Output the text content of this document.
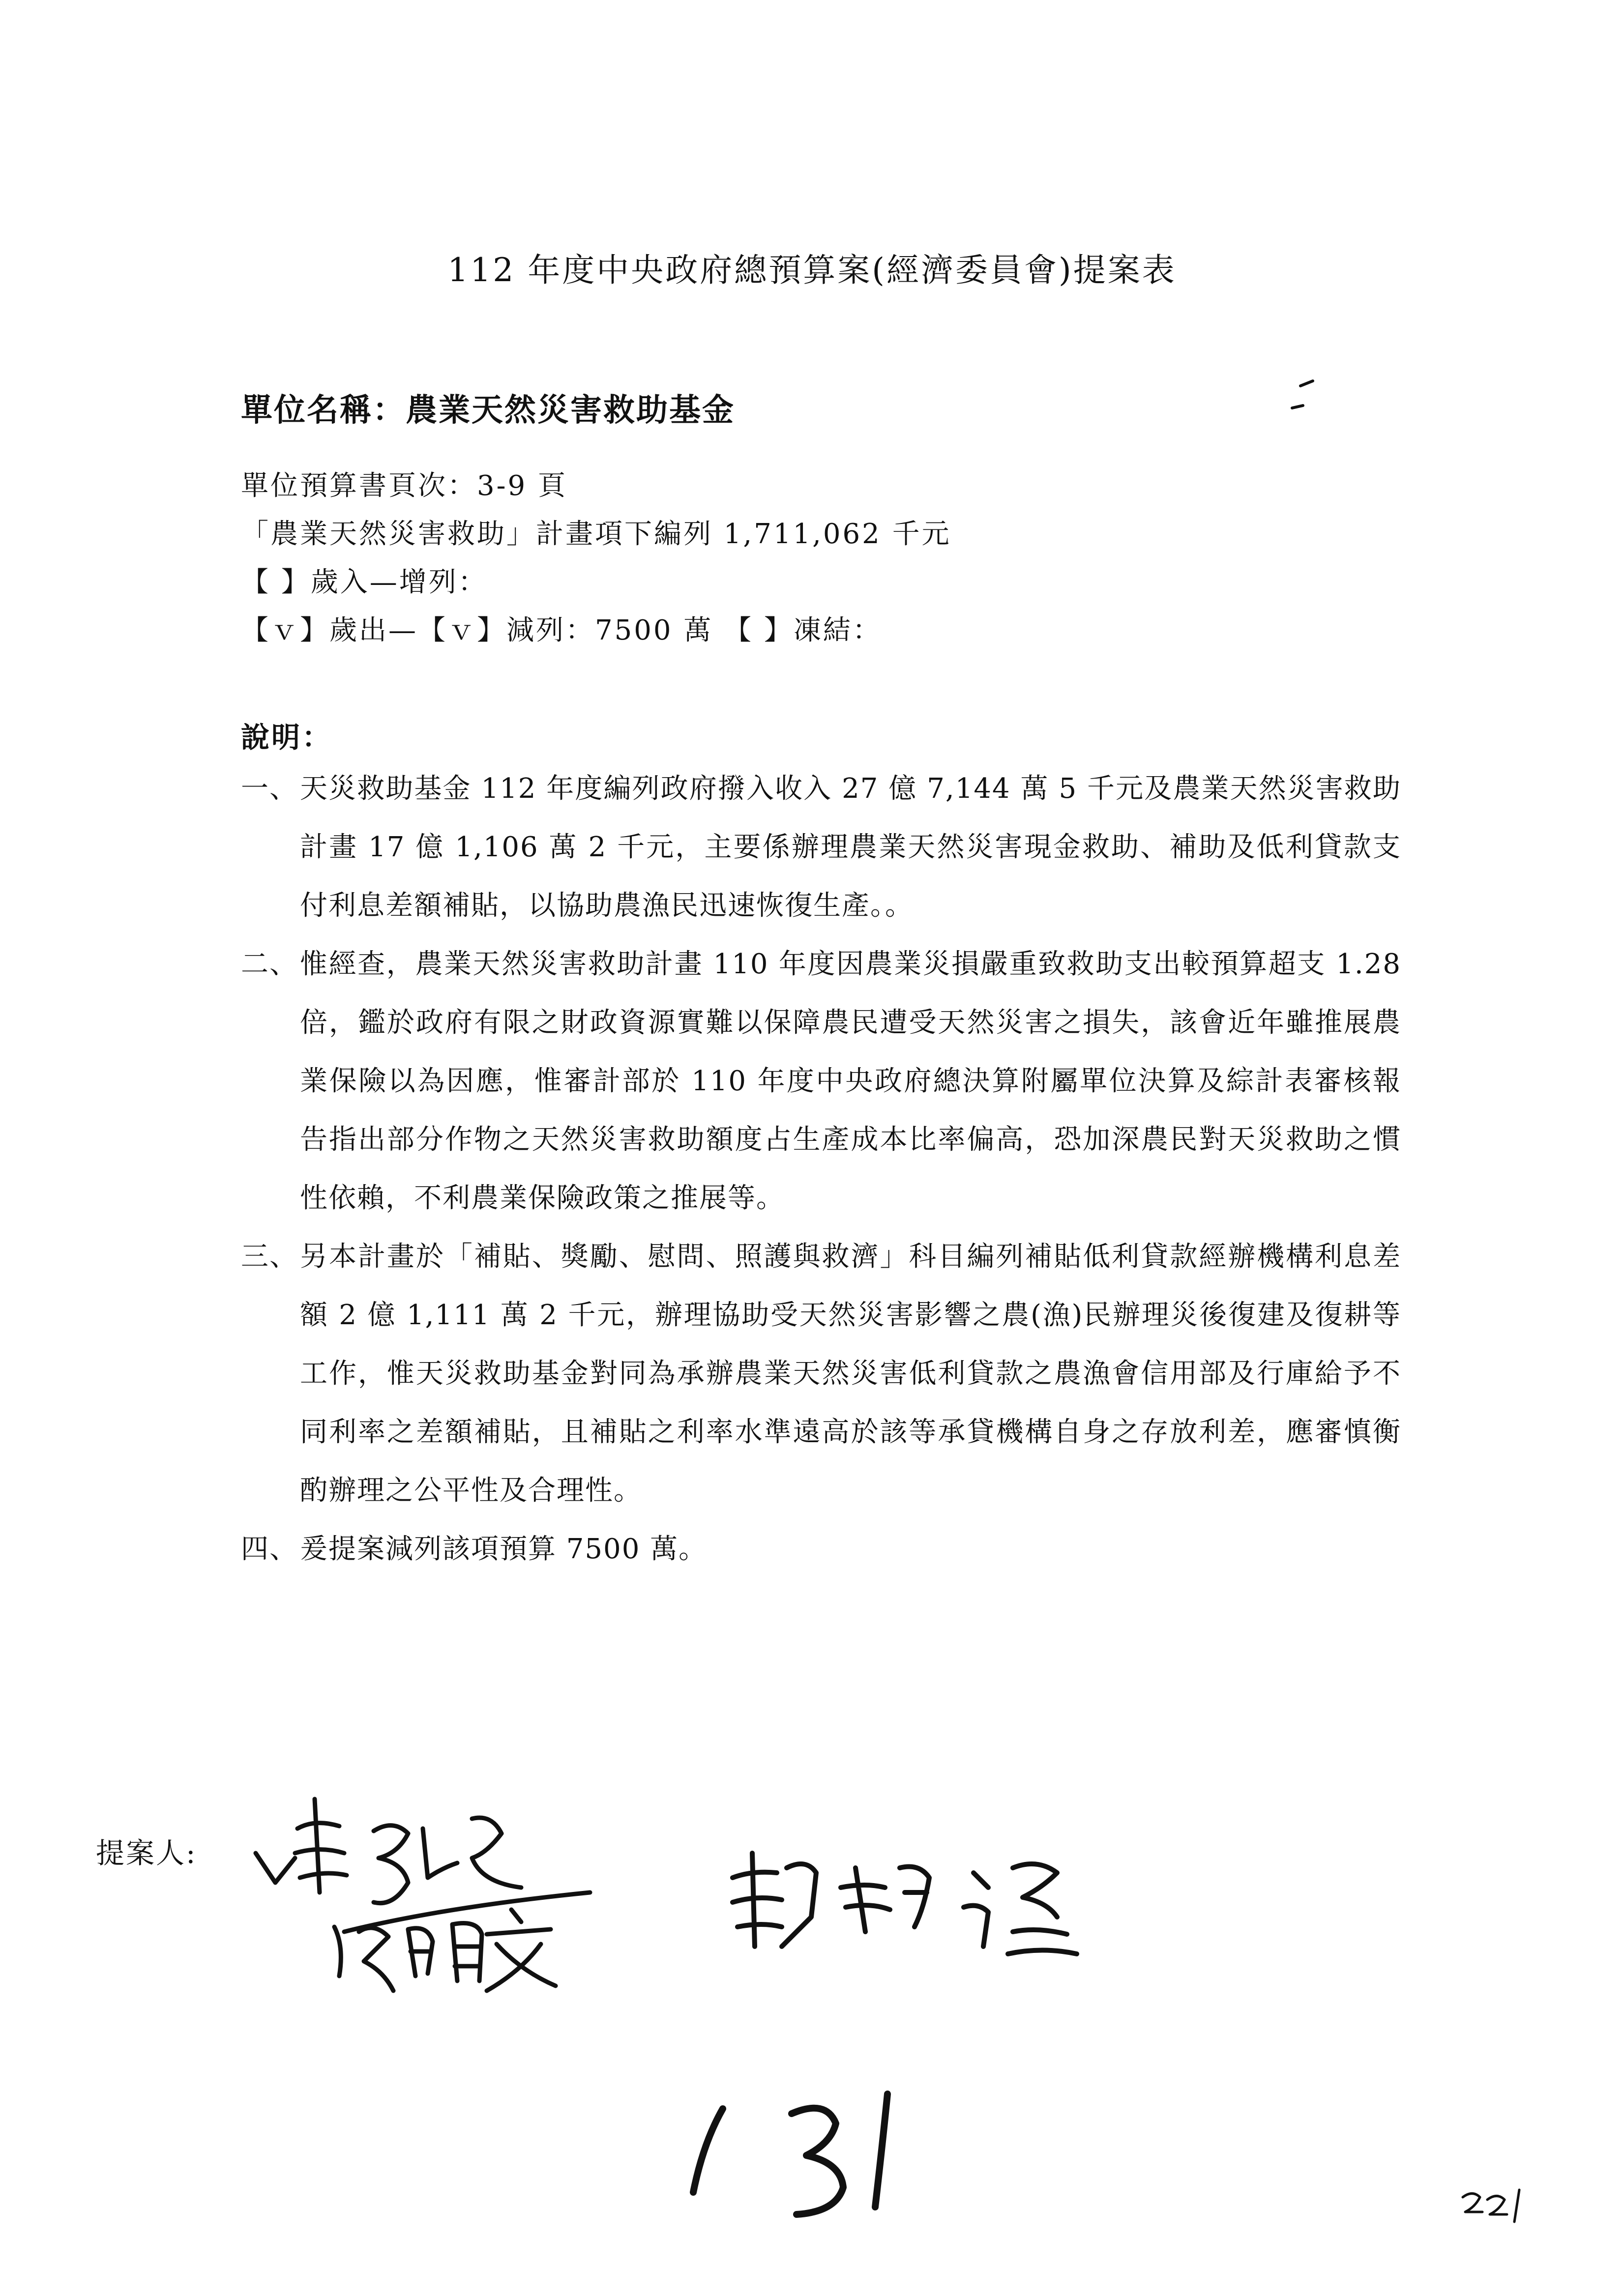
112 年度中央政府總預算案(經濟委員會)提案表
單位名稱：農業天然災害救助基金
單位預算書頁次：3-9 頁
「農業天然災害救助」計畫項下編列 1,711,062 千元
【 】歲入—增列：
【ｖ】歲出—【ｖ】減列：7500 萬 【 】凍結：
說明：
一、 天災救助基金 112 年度編列政府撥入收入 27 億 7,144 萬 5 千元及農業天然災害救助計畫 17 億 1,106 萬 2 千元，主要係辦理農業天然災害現金救助、補助及低利貸款支付利息差額補貼，以協助農漁民迅速恢復生產。。
二、 惟經查，農業天然災害救助計畫 110 年度因農業災損嚴重致救助支出較預算超支 1.28 倍，鑑於政府有限之財政資源實難以保障農民遭受天然災害之損失，該會近年雖推展農業保險以為因應，惟審計部於 110 年度中央政府總決算附屬單位決算及綜計表審核報告指出部分作物之天然災害救助額度占生產成本比率偏高，恐加深農民對天災救助之慣性依賴，不利農業保險政策之推展等。
三、 另本計畫於「補貼、獎勵、慰問、照護與救濟」科目編列補貼低利貸款經辦機構利息差額 2 億 1,111 萬 2 千元，辦理協助受天然災害影響之農(漁)民辦理災後復建及復耕等工作，惟天災救助基金對同為承辦農業天然災害低利貸款之農漁會信用部及行庫給予不同利率之差額補貼，且補貼之利率水準遠高於該等承貸機構自身之存放利差，應審慎衡酌辦理之公平性及合理性。
四、 爰提案減列該項預算 7500 萬。
提案人:
